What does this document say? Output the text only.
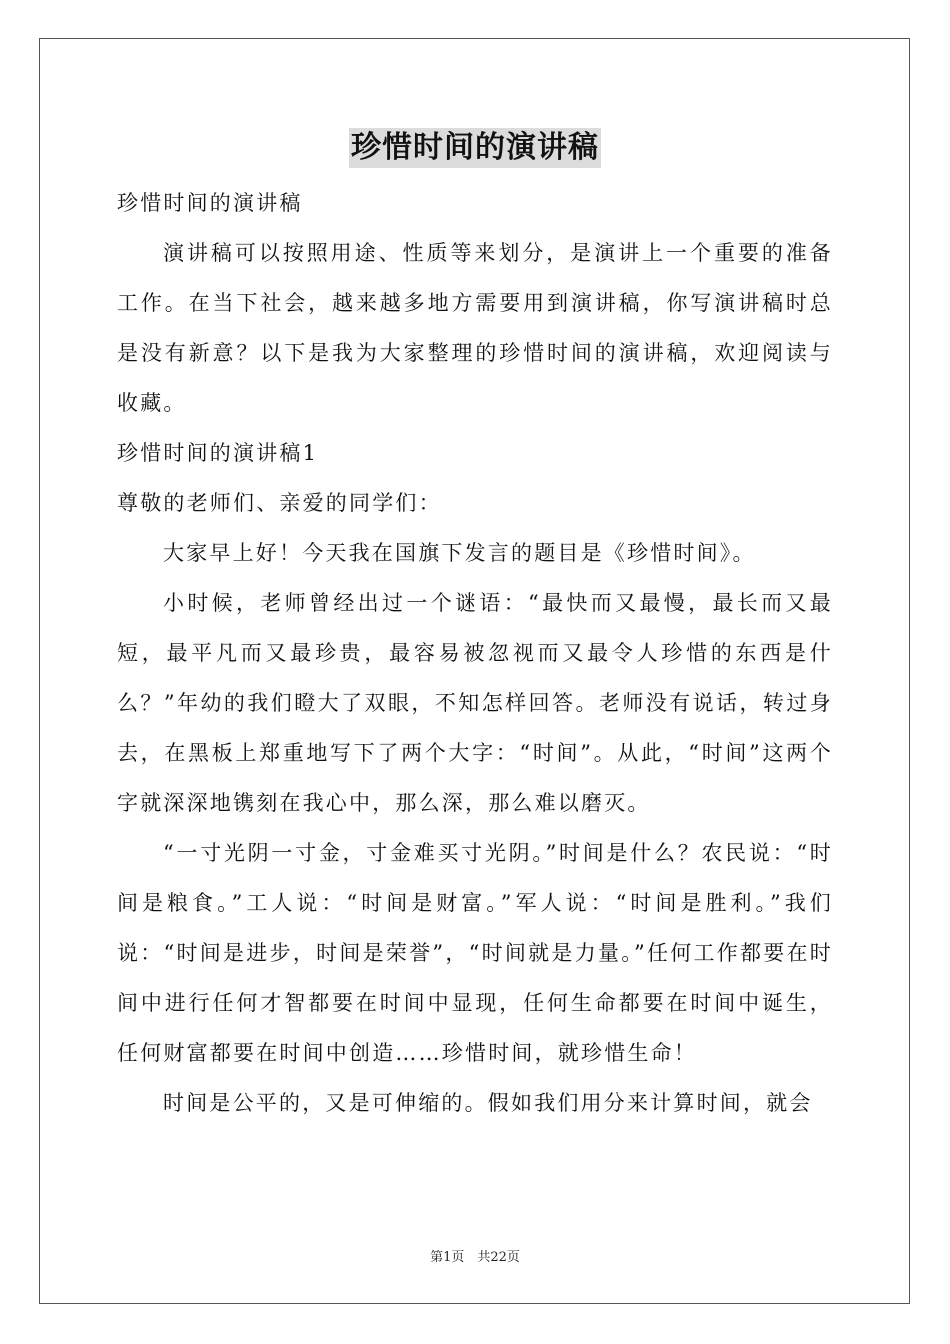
珍惜时间的演讲稿

珍惜时间的演讲稿

演讲稿可以按照用途、性质等来划分，是演讲上一个重要的准备工作。在当下社会，越来越多地方需要用到演讲稿，你写演讲稿时总是没有新意？以下是我为大家整理的珍惜时间的演讲稿，欢迎阅读与收藏。

珍惜时间的演讲稿1

尊敬的老师们、亲爱的同学们：

大家早上好！今天我在国旗下发言的题目是《珍惜时间》。

小时候，老师曾经出过一个谜语：“最快而又最慢，最长而又最短，最平凡而又最珍贵，最容易被忽视而又最令人珍惜的东西是什么？”年幼的我们瞪大了双眼，不知怎样回答。老师没有说话，转过身去，在黑板上郑重地写下了两个大字：“时间”。从此，“时间”这两个字就深深地镌刻在我心中，那么深，那么难以磨灭。

“一寸光阴一寸金，寸金难买寸光阴。”时间是什么？农民说：“时间是粮食。”工人说：“时间是财富。”军人说：“时间是胜利。”我们说：“时间是进步，时间是荣誉”，“时间就是力量。”任何工作都要在时间中进行任何才智都要在时间中显现，任何生命都要在时间中诞生，任何财富都要在时间中创造……珍惜时间，就珍惜生命！

时间是公平的，又是可伸缩的。假如我们用分来计算时间，就会

第1页　共22页
